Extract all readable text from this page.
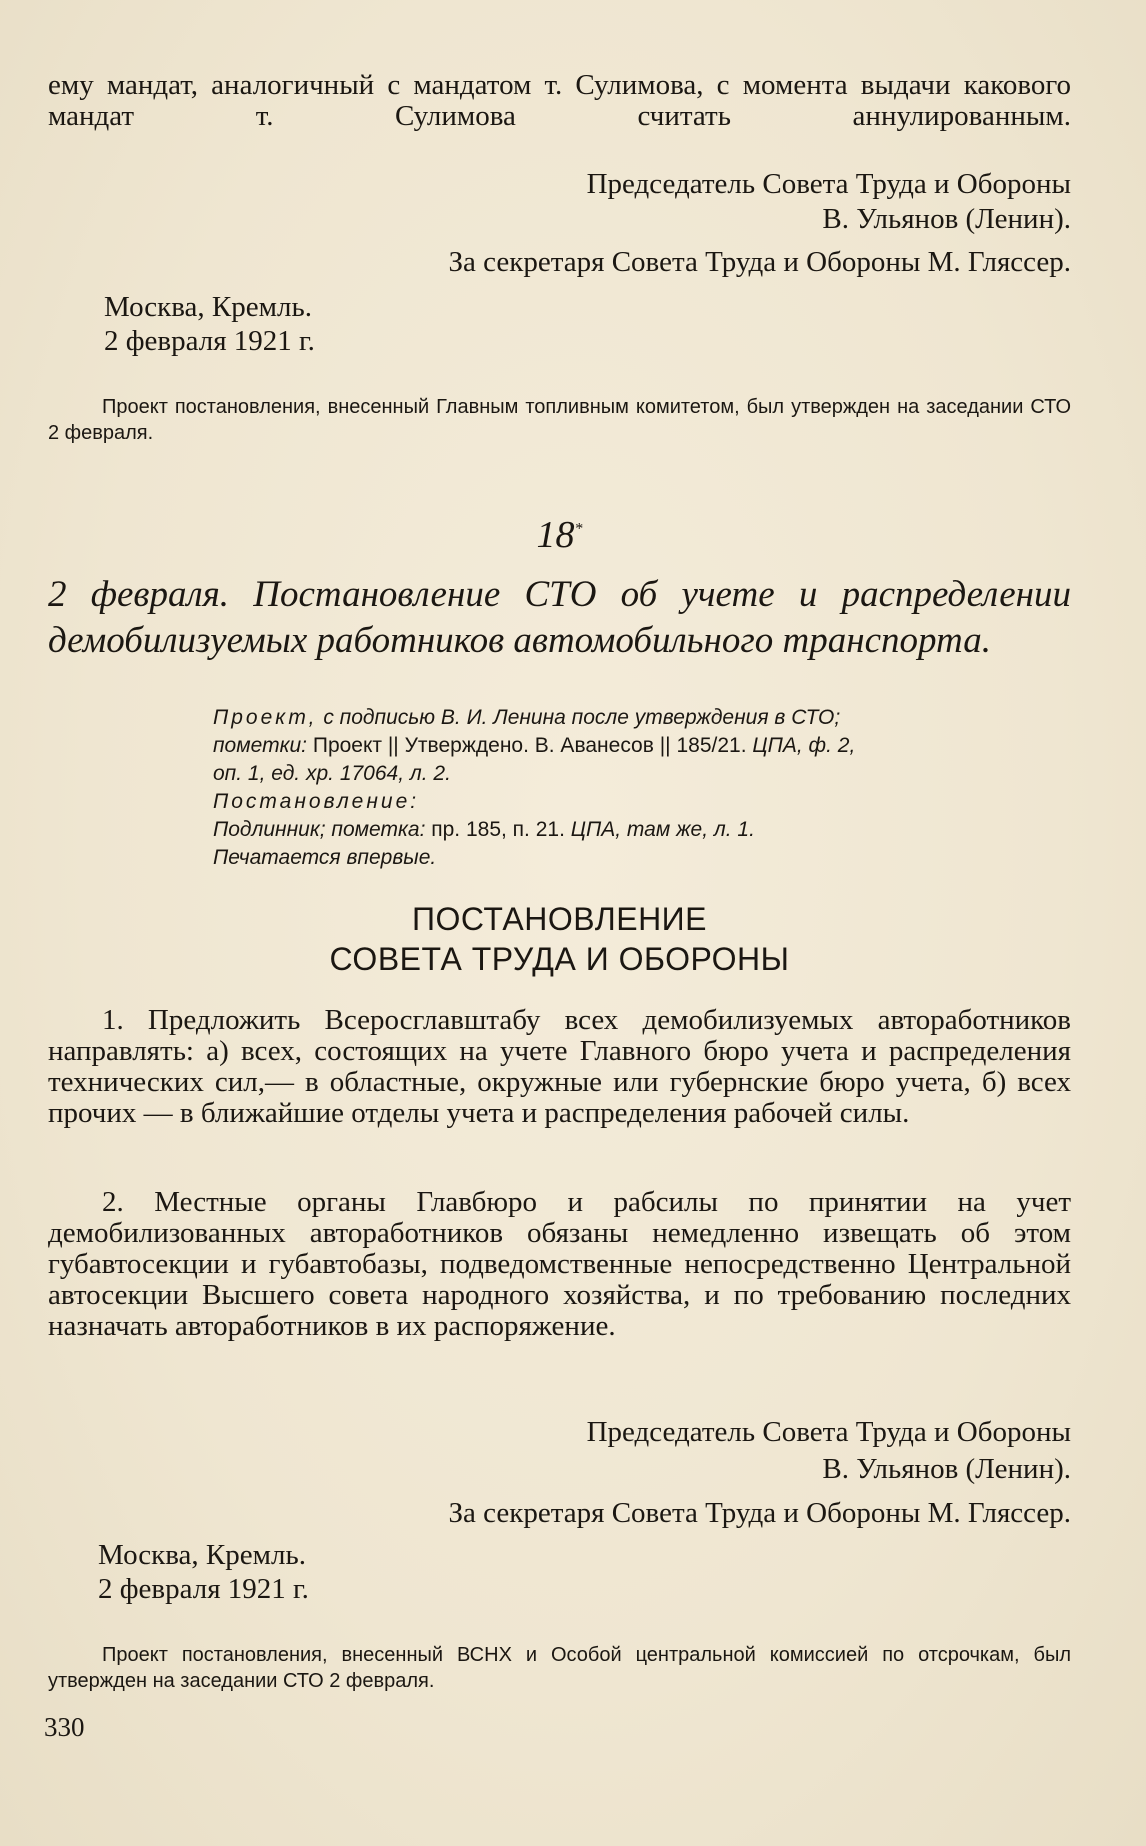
ему мандат, аналогичный с мандатом т. Сулимова, с момента выдачи какового мандат т. Сулимова считать аннулированным.

Председатель Совета Труда и Обороны

В. Ульянов (Ленин).

За секретаря Совета Труда и Обороны М. Гляссер.

Москва, Кремль.

2 февраля 1921 г.

Проект постановления, внесенный Главным топливным комитетом, был утвержден на заседании СТО 2 февраля.

18*

2 февраля. Постановление СТО об учете и распределении демобилизуемых работников автомобильного транспорта.

Проект, с подписью В. И. Ленина после утверждения в СТО;
пометки: Проект || Утверждено. В. Аванесов || 185/21. ЦПА, ф. 2,
оп. 1, ед. хр. 17064, л. 2.
Постановление:
Подлинник; пометка: пр. 185, п. 21. ЦПА, там же, л. 1.
Печатается впервые.

ПОСТАНОВЛЕНИЕ

СОВЕТА ТРУДА И ОБОРОНЫ

1. Предложить Всеросглавштабу всех демобилизуемых автоработников направлять: а) всех, состоящих на учете Главного бюро учета и распределения технических сил,— в областные, окружные или губернские бюро учета, б) всех прочих — в ближайшие отделы учета и распределения рабочей силы.

2. Местные органы Главбюро и рабсилы по принятии на учет демобилизованных автоработников обязаны немедленно извещать об этом губавтосекции и губавтобазы, подведомственные непосредственно Центральной автосекции Высшего совета народного хозяйства, и по требованию последних назначать автоработников в их распоряжение.

Председатель Совета Труда и Обороны

В. Ульянов (Ленин).

За секретаря Совета Труда и Обороны М. Гляссер.

Москва, Кремль.

2 февраля 1921 г.

Проект постановления, внесенный ВСНХ и Особой центральной комиссией по отсрочкам, был утвержден на заседании СТО 2 февраля.

330
